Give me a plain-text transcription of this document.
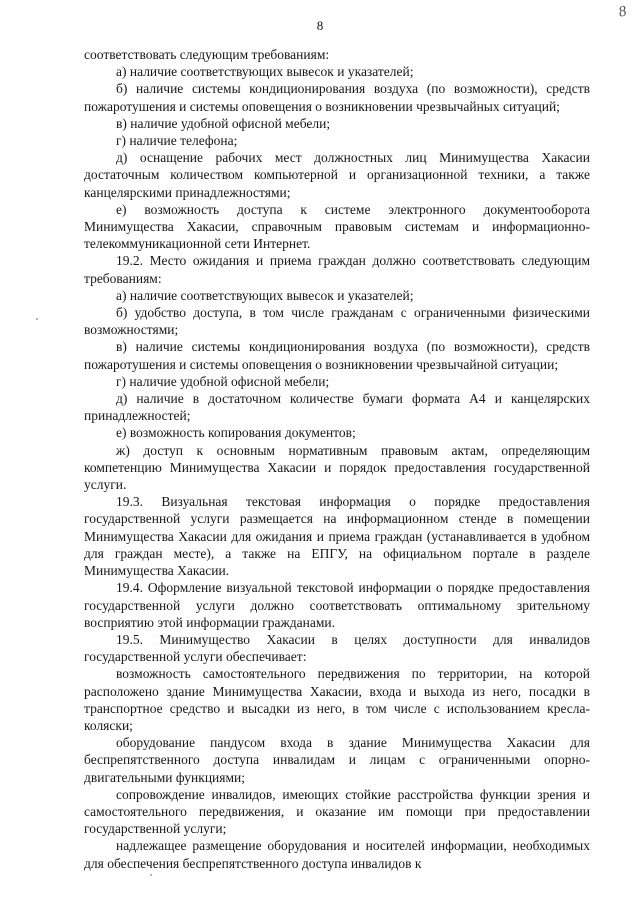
8
8

соответствовать следующим требованиям:

а) наличие соответствующих вывесок и указателей;

б) наличие системы кондиционирования воздуха (по возможности), средств пожаротушения и системы оповещения о возникновении чрезвычайных ситуаций;

в) наличие удобной офисной мебели;

г) наличие телефона;

д) оснащение рабочих мест должностных лиц Минимущества Хакасии достаточным количеством компьютерной и организационной техники, а также канцелярскими принадлежностями;

е) возможность доступа к системе электронного документооборота Минимущества Хакасии, справочным правовым системам и информационно-телекоммуникационной сети Интернет.

19.2. Место ожидания и приема граждан должно соответствовать следующим требованиям:

а) наличие соответствующих вывесок и указателей;

б) удобство доступа, в том числе гражданам с ограниченными физическими возможностями;

в) наличие системы кондиционирования воздуха (по возможности), средств пожаротушения и системы оповещения о возникновении чрезвычайной ситуации;

г) наличие удобной офисной мебели;

д) наличие в достаточном количестве бумаги формата А4 и канцелярских принадлежностей;

е) возможность копирования документов;

ж) доступ к основным нормативным правовым актам, определяющим компетенцию Минимущества Хакасии и порядок предоставления государственной услуги.

19.3. Визуальная текстовая информация о порядке предоставления государственной услуги размещается на информационном стенде в помещении Минимущества Хакасии для ожидания и приема граждан (устанавливается в удобном для граждан месте), а также на ЕПГУ, на официальном портале в разделе Минимущества Хакасии.

19.4. Оформление визуальной текстовой информации о порядке предоставления государственной услуги должно соответствовать оптимальному зрительному восприятию этой информации гражданами.

19.5. Минимущество Хакасии в целях доступности для инвалидов государственной услуги обеспечивает:

возможность самостоятельного передвижения по территории, на которой расположено здание Минимущества Хакасии, входа и выхода из него, посадки в транспортное средство и высадки из него, в том числе с использованием кресла-коляски;

оборудование пандусом входа в здание Минимущества Хакасии для беспрепятственного доступа инвалидам и лицам с ограниченными опорно-двигательными функциями;

сопровождение инвалидов, имеющих стойкие расстройства функции зрения и самостоятельного передвижения, и оказание им помощи при предоставлении государственной услуги;

надлежащее размещение оборудования и носителей информации, необходимых для обеспечения беспрепятственного доступа инвалидов к
